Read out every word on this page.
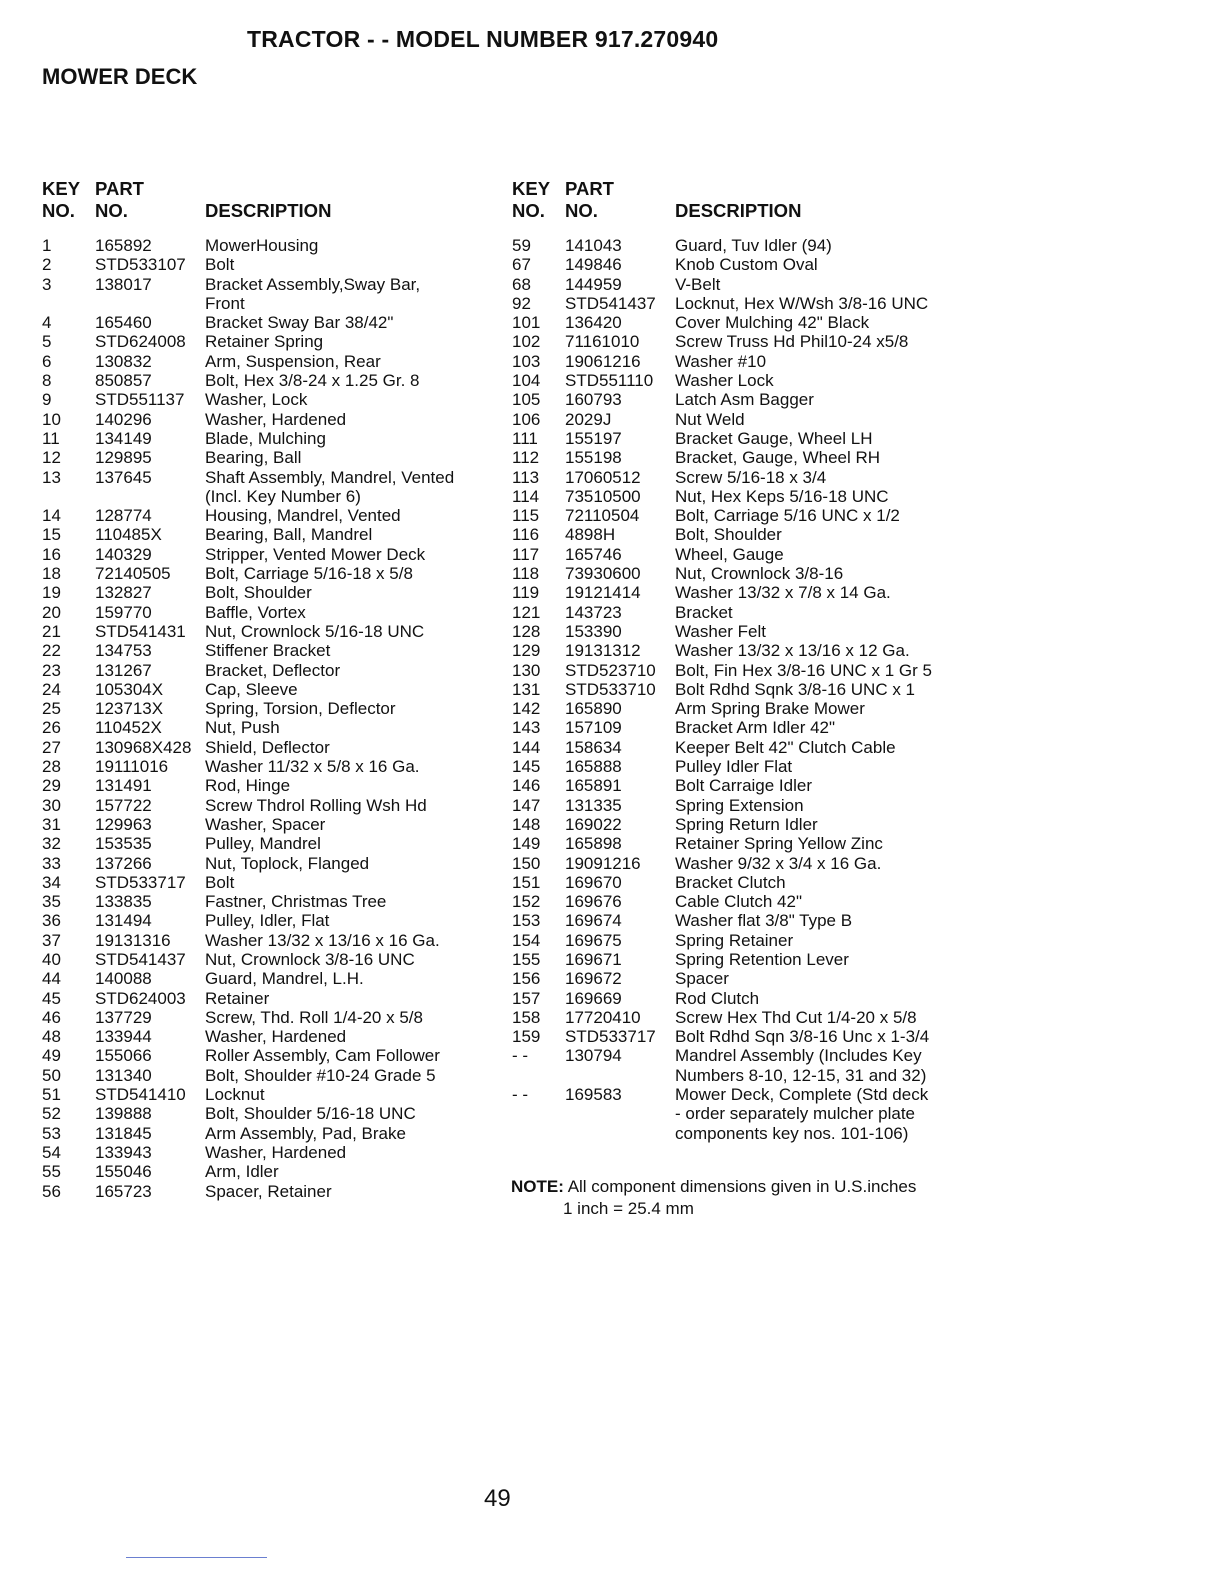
TRACTOR - - MODEL NUMBER 917.270940
MOWER DECK
KEY
NO.
PART
NO.	DESCRIPTION
1	165892	MowerHousing
2	STD533107 Bolt
3	138017	Bracket Assembly,Sway Bar,
Front
4	165460	Bracket Sway Bar 38/42"
5	STD624008 Retainer Spring
6	130832	Arm, Suspension, Rear
8	850857	Bolt, Hex 3/8-24 x 1.25 Gr. 8
9	STD551137 Washer, Lock
10 140296	Washer, Hardened
11 134149	Blade, Mulching
12 129895	Bearing, Ball
13 137645	Shaft Assembly, Mandrel, Vented
(Incl. Key Number 6)
14 128774	Housing, Mandrel, Vented
15 110485X	Bearing, Ball, Mandrel
16 140329	Stripper, Vented Mower Deck
18 72140505 Bolt, Carriage 5/16-18 x 5/8
19 132827	Bolt, Shoulder
20 159770	Baffle, Vortex
21 STD541431 Nut, Crownlock 5/16-18 UNC
22 134753	Stiffener Bracket
23 131267	Bracket, Deflector
24 105304X Cap, Sleeve
25 123713X Spring, Torsion, Deflector
26 110452X	Nut, Push
27 130968X428 Shield, Deflector
28 19111016 Washer 11/32 x 5/8 x 16 Ga.
29 131491	Rod, Hinge
30 157722	Screw Thdrol Rolling Wsh Hd
31 129963	Washer, Spacer
32 153535	Pulley, Mandrel
33 137266	Nut, Toplock, Flanged
34 STD533717 Bolt
35 133835	Fastner, Christmas Tree
36 131494	Pulley, Idler, Flat
37 19131316 Washer 13/32 x 13/16 x 16 Ga.
40 STD541437 Nut, Crownlock 3/8-16 UNC
44 140088	Guard, Mandrel, L.H.
45 STD624003 Retainer
46 137729	Screw, Thd. Roll 1/4-20 x 5/8
48 133944	Washer, Hardened
49 155066	Roller Assembly, Cam Follower
50 131340	Bolt, Shoulder #10-24 Grade 5
51 STD541410 Locknut
52 139888	Bolt, Shoulder 5/16-18 UNC
53 131845	Arm Assembly, Pad, Brake
54 133943	Washer, Hardened
55 155046	Arm, Idler
56 165723	Spacer, Retainer
KEY
NO.
PART
NO.	DESCRIPTION
59 141043	Guard, Tuv Idler (94)
67 149846	Knob Custom Oval
68 144959	V-Belt
92 STD541437 Locknut, Hex W/Wsh 3/8-16 UNC
101 136420	Cover Mulching 42" Black
102 71161010 Screw Truss Hd Phil10-24 x5/8
103 19061216 Washer #10
104 STD551110 Washer Lock
105 160793	Latch Asm Bagger
106 2029J	Nut Weld
111 155197	Bracket Gauge, Wheel LH
112 155198	Bracket, Gauge, Wheel RH
113 17060512 Screw 5/16-18 x 3/4
114 73510500 Nut, Hex Keps 5/16-18 UNC
115 72110504 Bolt, Carriage 5/16 UNC x 1/2
116 4898H	Bolt, Shoulder
117 165746	Wheel, Gauge
118 73930600 Nut, Crownlock 3/8-16
119 19121414 Washer 13/32 x 7/8 x 14 Ga.
121 143723	Bracket
128 153390	Washer Felt
129 19131312 Washer 13/32 x 13/16 x 12 Ga.
130 STD523710 Bolt, Fin Hex 3/8-16 UNC x 1 Gr 5
131 STD533710 Bolt Rdhd Sqnk 3/8-16 UNC x 1
142 165890	Arm Spring Brake Mower
143 157109	Bracket Arm Idler 42"
144 158634	Keeper Belt 42" Clutch Cable
145 165888	Pulley Idler Flat
146 165891	Bolt Carraige Idler
147 131335	Spring Extension
148 169022	Spring Return Idler
149 165898	Retainer Spring Yellow Zinc
150 19091216 Washer 9/32 x 3/4 x 16 Ga.
151 169670	Bracket Clutch
152 169676	Cable Clutch 42"
153 169674	Washer flat 3/8" Type B
154 169675	Spring Retainer
155 169671	Spring Retention Lever
156 169672	Spacer
157 169669	Rod Clutch
158 17720410 Screw Hex Thd Cut 1/4-20 x 5/8
159 STD533717 Bolt Rdhd Sqn 3/8-16 Unc x 1-3/4
- - 130794	Mandrel Assembly (Includes Key
Numbers 8-10, 12-15, 31 and 32)
- - 169583	Mower Deck, Complete (Std deck
- order separately mulcher plate
components key nos. 101-106)
NOTE: All component dimensions given in U.S.inches
1 inch = 25.4 mm
49
